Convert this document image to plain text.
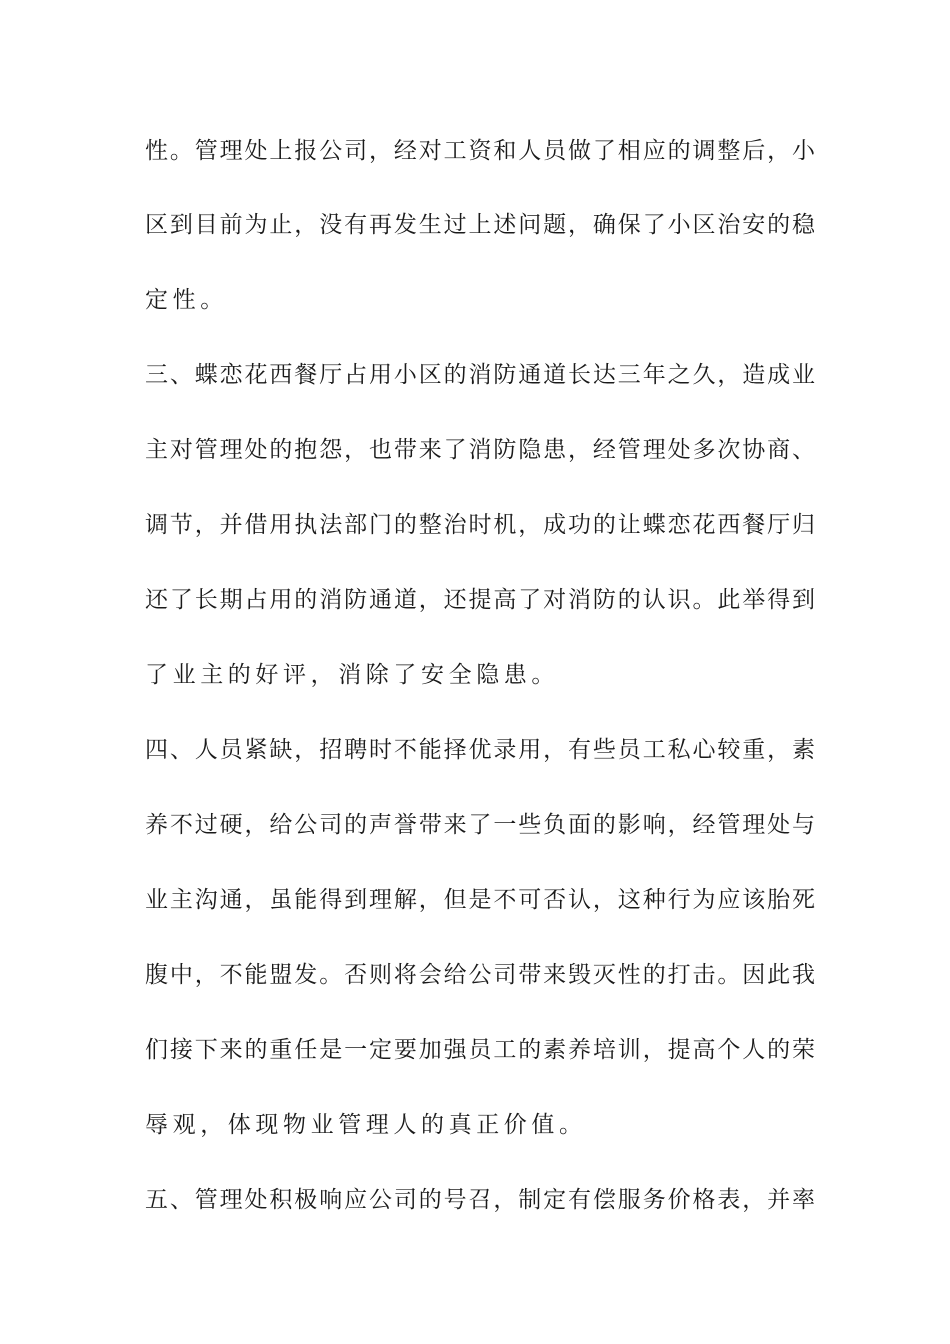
性。管理处上报公司，经对工资和人员做了相应的调整后，小
区到目前为止，没有再发生过上述问题，确保了小区治安的稳
定性。
三、蝶恋花西餐厅占用小区的消防通道长达三年之久，造成业
主对管理处的抱怨，也带来了消防隐患，经管理处多次协商、
调节，并借用执法部门的整治时机，成功的让蝶恋花西餐厅归
还了长期占用的消防通道，还提高了对消防的认识。此举得到
了业主的好评，消除了安全隐患。
四、人员紧缺，招聘时不能择优录用，有些员工私心较重，素
养不过硬，给公司的声誉带来了一些负面的影响，经管理处与
业主沟通，虽能得到理解，但是不可否认，这种行为应该胎死
腹中，不能盟发。否则将会给公司带来毁灭性的打击。因此我
们接下来的重任是一定要加强员工的素养培训，提高个人的荣
辱观，体现物业管理人的真正价值。
五、管理处积极响应公司的号召，制定有偿服务价格表，并率
